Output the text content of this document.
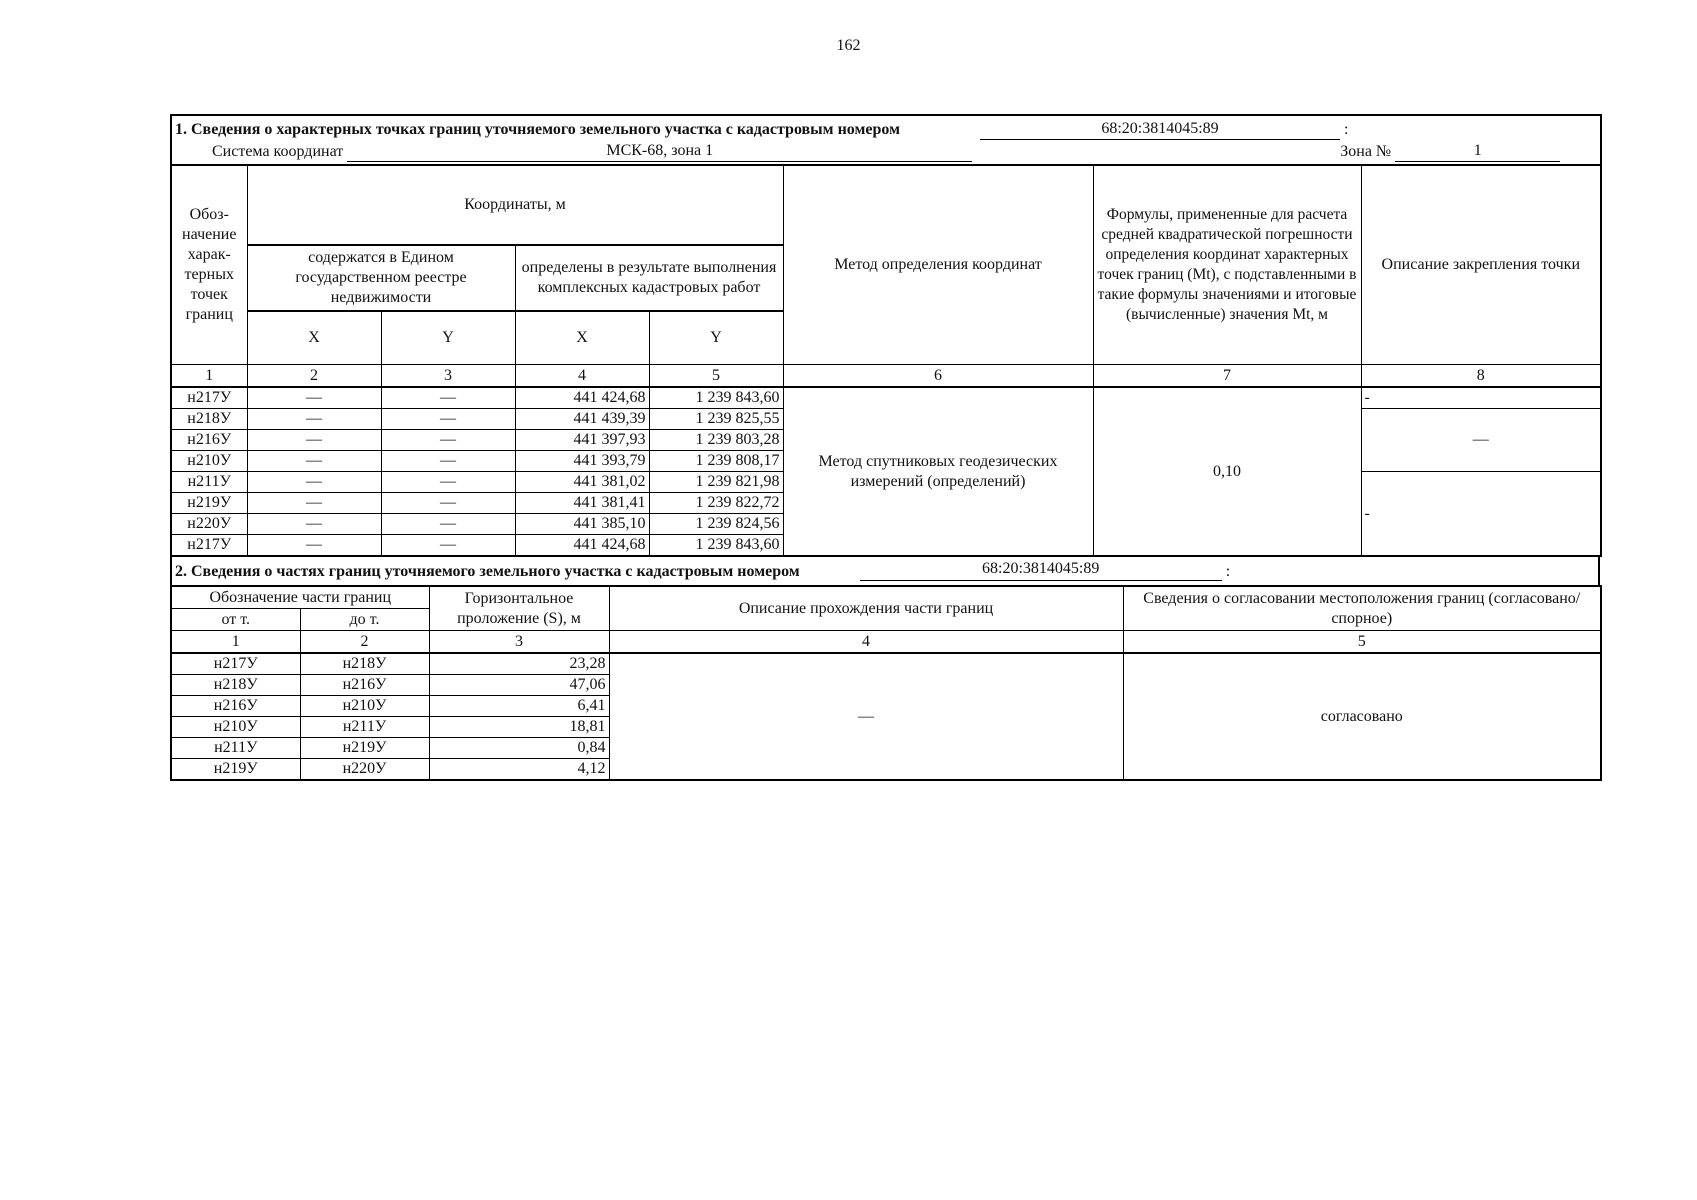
162
1. Сведения о характерных точках границ уточняемого земельного участка с кадастровым номером 68:20:3814045:89 :							
Система координат МСК-68, зона 1 Зона № 1							
Обоз-начение харак-терных точек границ	Координаты, м				Метод определения координат	Формулы, примененные для расчета средней квадратической погрешности определения координат характерных точек границ (Mt), с подставленными в такие формулы значениями и итоговые (вычисленные) значения Mt, м	Описание закрепления точки
	содержатся в Едином государственном реестре недвижимости		определены в результате выполнения комплексных кадастровых работ				
	X	Y	X	Y			
1	2	3	4	5	6	7	8
н217У	—	—	441 424,68	1 239 843,60	Метод спутниковых геодезических измерений (определений)	0,10	-
н218У	—	—	441 439,39	1 239 825,55			—
н216У	—	—	441 397,93	1 239 803,28			
н210У	—	—	441 393,79	1 239 808,17			
н211У	—	—	441 381,02	1 239 821,98			-
н219У	—	—	441 381,41	1 239 822,72			
н220У	—	—	441 385,10	1 239 824,56			
н217У	—	—	441 424,68	1 239 843,60			
2. Сведения о частях границ уточняемого земельного участка с кадастровым номером	68:20:3814045:89	:
Обозначение части границ		Горизонтальное проложение (S), м	Описание прохождения части границ	Сведения о согласовании местоположения границ (согласовано/спорное)
от т.	до т.			
1	2	3	4	5
н217У	н218У	23,28	—	согласовано
н218У	н216У	47,06		
н216У	н210У	6,41		
н210У	н211У	18,81		
н211У	н219У	0,84		
н219У	н220У	4,12		
